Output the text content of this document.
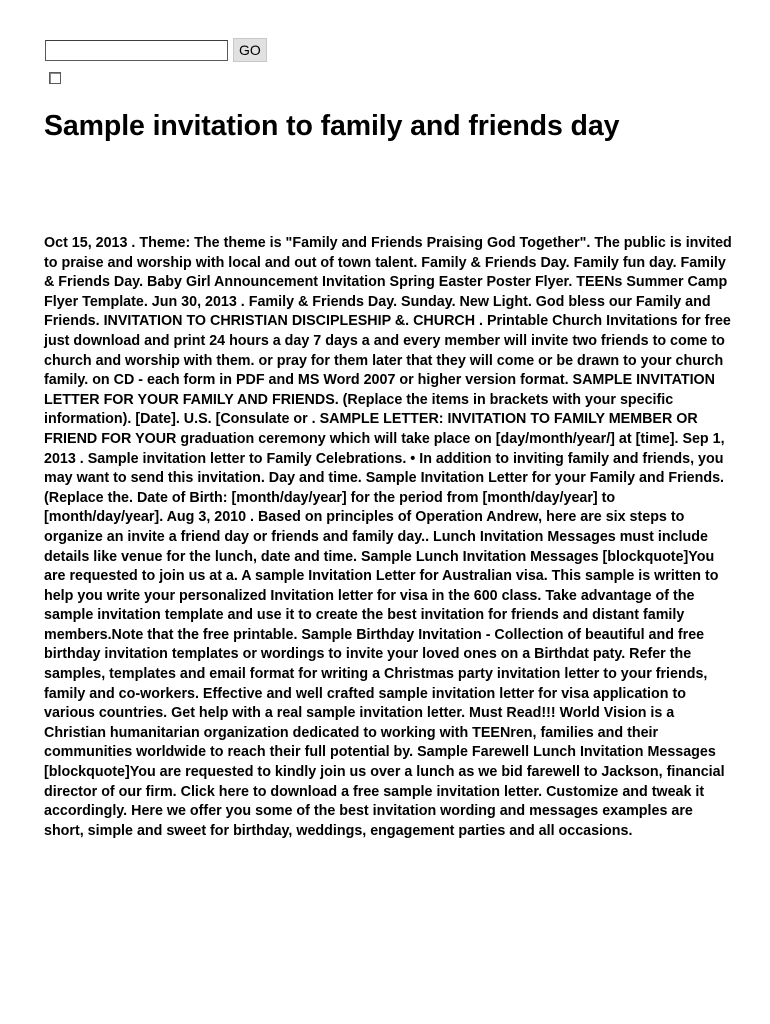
GO
Sample invitation to family and friends day

Oct 15, 2013 . Theme: The theme is "Family and Friends Praising God Together". The public is invited to praise and worship with local and out of town talent. Family & Friends Day. Family fun day. Family & Friends Day. Baby Girl Announcement Invitation Spring Easter Poster Flyer. TEENs Summer Camp Flyer Template. Jun 30, 2013 . Family & Friends Day. Sunday. New Light. God bless our Family and Friends. INVITATION TO CHRISTIAN DISCIPLESHIP &. CHURCH . Printable Church Invitations for free just download and print 24 hours a day 7 days a and every member will invite two friends to come to church and worship with them. or pray for them later that they will come or be drawn to your church family. on CD - each form in PDF and MS Word 2007 or higher version format. SAMPLE INVITATION LETTER FOR YOUR FAMILY AND FRIENDS. (Replace the items in brackets with your specific information). [Date]. U.S. [Consulate or . SAMPLE LETTER: INVITATION TO FAMILY MEMBER OR FRIEND FOR YOUR graduation ceremony which will take place on [day/month/year/] at [time]. Sep 1, 2013 . Sample invitation letter to Family Celebrations. • In addition to inviting family and friends, you may want to send this invitation. Day and time. Sample Invitation Letter for your Family and Friends. (Replace the. Date of Birth: [month/day/year] for the period from [month/day/year] to [month/day/year]. Aug 3, 2010 . Based on principles of Operation Andrew, here are six steps to organize an invite a friend day or friends and family day.. Lunch Invitation Messages must include details like venue for the lunch, date and time. Sample Lunch Invitation Messages [blockquote]You are requested to join us at a. A sample Invitation Letter for Australian visa. This sample is written to help you write your personalized Invitation letter for visa in the 600 class. Take advantage of the sample invitation template and use it to create the best invitation for friends and distant family members.Note that the free printable. Sample Birthday Invitation - Collection of beautiful and free birthday invitation templates or wordings to invite your loved ones on a Birthdat paty. Refer the samples, templates and email format for writing a Christmas party invitation letter to your friends, family and co-workers. Effective and well crafted sample invitation letter for visa application to various countries. Get help with a real sample invitation letter. Must Read!!! World Vision is a Christian humanitarian organization dedicated to working with TEENren, families and their communities worldwide to reach their full potential by. Sample Farewell Lunch Invitation Messages [blockquote]You are requested to kindly join us over a lunch as we bid farewell to Jackson, financial director of our firm. Click here to download a free sample invitation letter. Customize and tweak it accordingly. Here we offer you some of the best invitation wording and messages examples are short, simple and sweet for birthday, weddings, engagement parties and all occasions.
